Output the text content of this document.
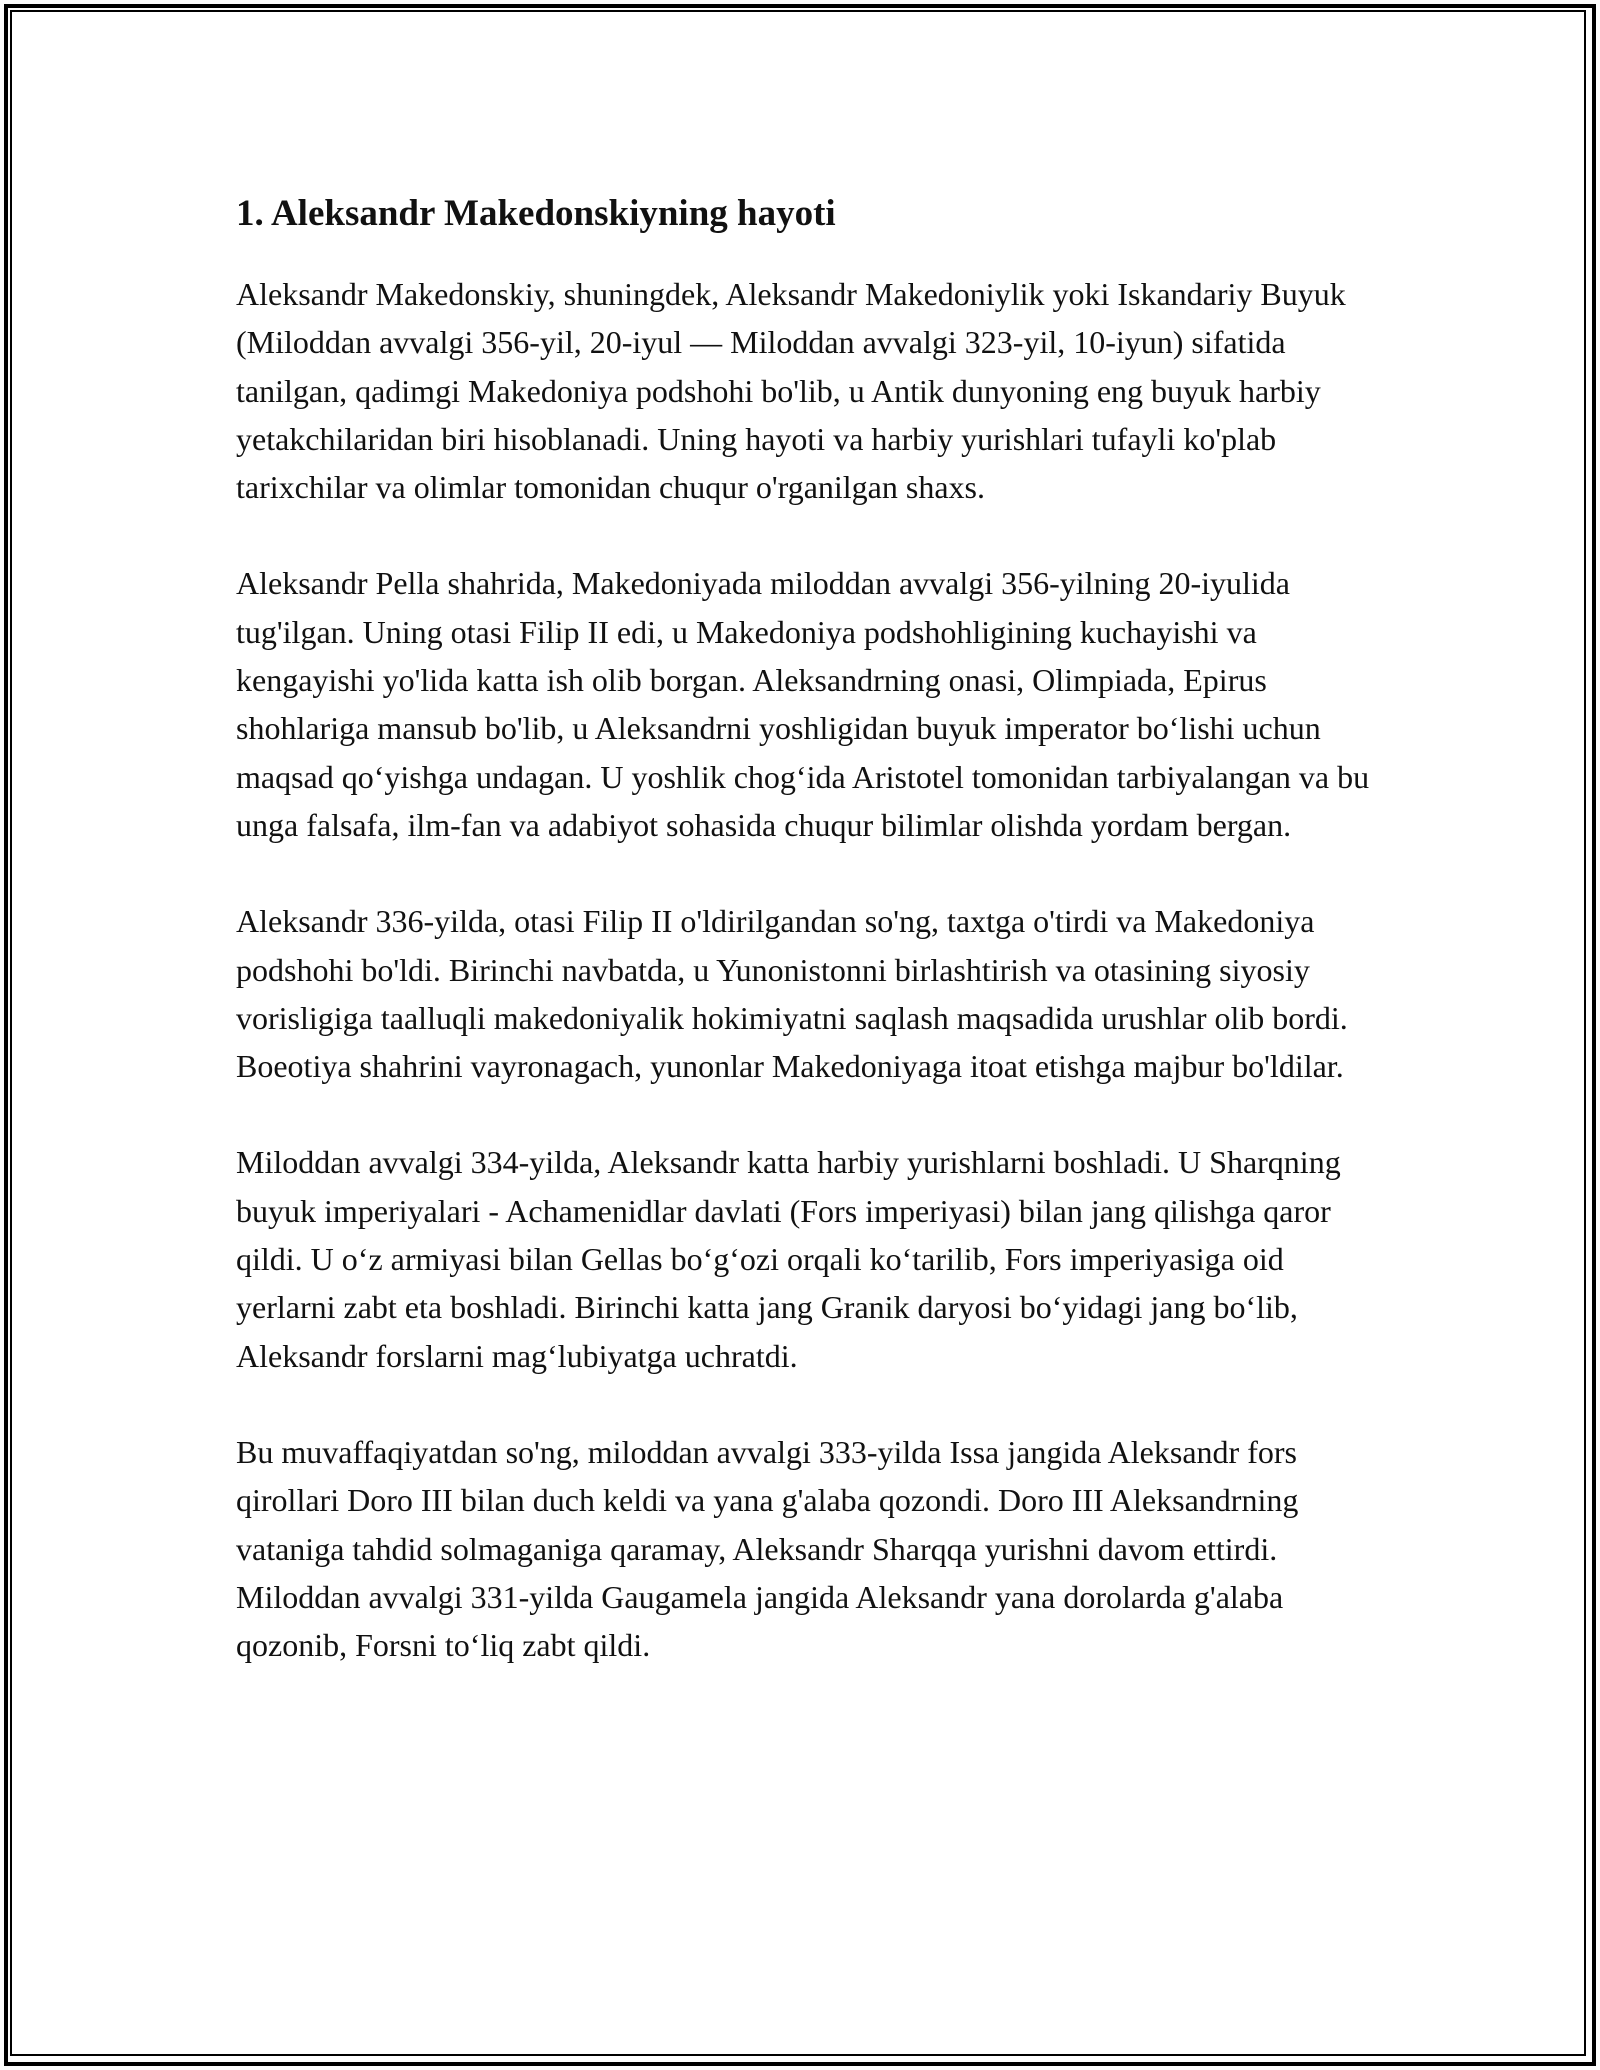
1. Aleksandr Makedonskiyning hayoti

Aleksandr Makedonskiy, shuningdek, Aleksandr Makedoniylik yoki Iskandariy Buyuk (Miloddan avvalgi 356-yil, 20-iyul — Miloddan avvalgi 323-yil, 10-iyun) sifatida tanilgan, qadimgi Makedoniya podshohi bo'lib, u Antik dunyoning eng buyuk harbiy yetakchilaridan biri hisoblanadi. Uning hayoti va harbiy yurishlari tufayli ko'plab tarixchilar va olimlar tomonidan chuqur o'rganilgan shaxs.

Aleksandr Pella shahrida, Makedoniyada miloddan avvalgi 356-yilning 20-iyulida tug'ilgan. Uning otasi Filip II edi, u Makedoniya podshohligining kuchayishi va kengayishi yo'lida katta ish olib borgan. Aleksandrning onasi, Olimpiada, Epirus shohlariga mansub bo'lib, u Aleksandrni yoshligidan buyuk imperator bo‘lishi uchun maqsad qo‘yishga undagan. U yoshlik chog‘ida Aristotel tomonidan tarbiyalangan va bu unga falsafa, ilm-fan va adabiyot sohasida chuqur bilimlar olishda yordam bergan.

Aleksandr 336-yilda, otasi Filip II o'ldirilgandan so'ng, taxtga o'tirdi va Makedoniya podshohi bo'ldi. Birinchi navbatda, u Yunonistonni birlashtirish va otasining siyosiy vorisligiga taalluqli makedoniyalik hokimiyatni saqlash maqsadida urushlar olib bordi. Boeotiya shahrini vayronagach, yunonlar Makedoniyaga itoat etishga majbur bo'ldilar.

Miloddan avvalgi 334-yilda, Aleksandr katta harbiy yurishlarni boshladi. U Sharqning buyuk imperiyalari - Achamenidlar davlati (Fors imperiyasi) bilan jang qilishga qaror qildi. U o‘z armiyasi bilan Gellas bo‘g‘ozi orqali ko‘tarilib, Fors imperiyasiga oid yerlarni zabt eta boshladi. Birinchi katta jang Granik daryosi bo‘yidagi jang bo‘lib, Aleksandr forslarni mag‘lubiyatga uchratdi.

Bu muvaffaqiyatdan so'ng, miloddan avvalgi 333-yilda Issa jangida Aleksandr fors qirollari Doro III bilan duch keldi va yana g'alaba qozondi. Doro III Aleksandrning vataniga tahdid solmaganiga qaramay, Aleksandr Sharqqa yurishni davom ettirdi. Miloddan avvalgi 331-yilda Gaugamela jangida Aleksandr yana dorolarda g'alaba qozonib, Forsni to‘liq zabt qildi.
